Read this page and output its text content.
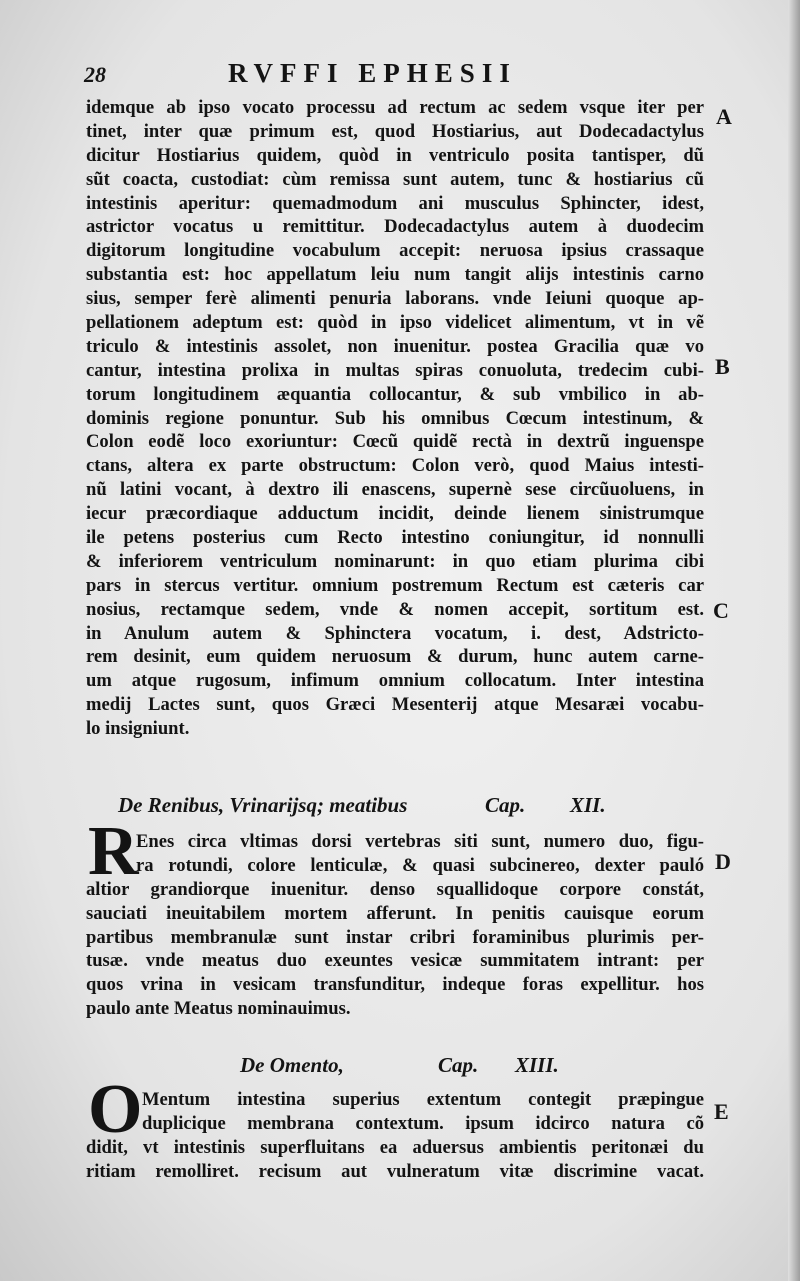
28	RVFFI EPHESII
A
B
C
D
E
idemque ab ipso vocato processu ad rectum ac sedem vsque iter per
tinet, inter quæ primum est, quod Hostiarius, aut Dodecadactylus
dicitur Hostiarius quidem, quòd in ventriculo posita tantisper, dũ
sũt coacta, custodiat: cùm remissa sunt autem, tunc & hostiarius cũ
intestinis aperitur: quemadmodum ani musculus Sphincter, idest,
astrictor vocatus u remittitur. Dodecadactylus autem à duodecim
digitorum longitudine vocabulum accepit: neruosa ipsius crassaque
substantia est: hoc appellatum leiu num tangit alijs intestinis carno
sius, semper ferè alimenti penuria laborans. vnde Ieiuni quoque ap-
pellationem adeptum est: quòd in ipso videlicet alimentum, vt in vẽ
triculo & intestinis assolet, non inuenitur. postea Gracilia quæ vo
cantur, intestina prolixa in multas spiras conuoluta, tredecim cubi-
torum longitudinem æquantia collocantur, & sub vmbilico in ab-
dominis regione ponuntur. Sub his omnibus Cœcum intestinum, &
Colon eodẽ loco exoriuntur: Cœcũ quidẽ rectà in dextrũ inguenspe
ctans, altera ex parte obstructum: Colon verò, quod Maius intesti-
nũ latini vocant, à dextro ili enascens, supernè sese circũuoluens, in
iecur præcordiaque adductum incidit, deinde lienem sinistrumque
ile petens posterius cum Recto intestino coniungitur, id nonnulli
& inferiorem ventriculum nominarunt: in quo etiam plurima cibi
pars in stercus vertitur. omnium postremum Rectum est cæteris car
nosius, rectamque sedem, vnde & nomen accepit, sortitum est.
in Anulum autem & Sphinctera vocatum, i. dest, Adstrictο-
rem desinit, eum quidem neruosum & durum, hunc autem carne-
um atque rugosum, infimum omnium collocatum. Inter intestina
medij Lactes sunt, quos Græci Mesenterij atque Mesaræi vocabu-
lo insigniunt.
De Renibus, Vrinarijsq; meatibus	Cap. XII.
R
Enes circa vltimas dorsi vertebras siti sunt, numero duo, figu-
ra rotundi, colore lenticulæ, & quasi subcinereo, dexter pauló
altior grandiorque inuenitur. denso squallidoque corpore constát,
sauciati ineuitabilem mortem afferunt. In penitis cauisque eorum
partibus membranulæ sunt instar cribri foraminibus plurimis per-
tusæ. vnde meatus duo exeuntes vesicæ summitatem intrant: per
quos vrina in vesicam transfunditur, indeque foras expellitur. hos
paulo ante Meatus nominauimus.
De Omento,	Cap. XIII.
O Mentum intestina superius extentum contegit præpingue
duplicique membrana contextum. ipsum idcirco natura cõ
didit, vt intestinis superfluitans ea aduersus ambientis peritonæi du
ritiam remolliret. recisum aut vulneratum vitæ discrimine vacat.
